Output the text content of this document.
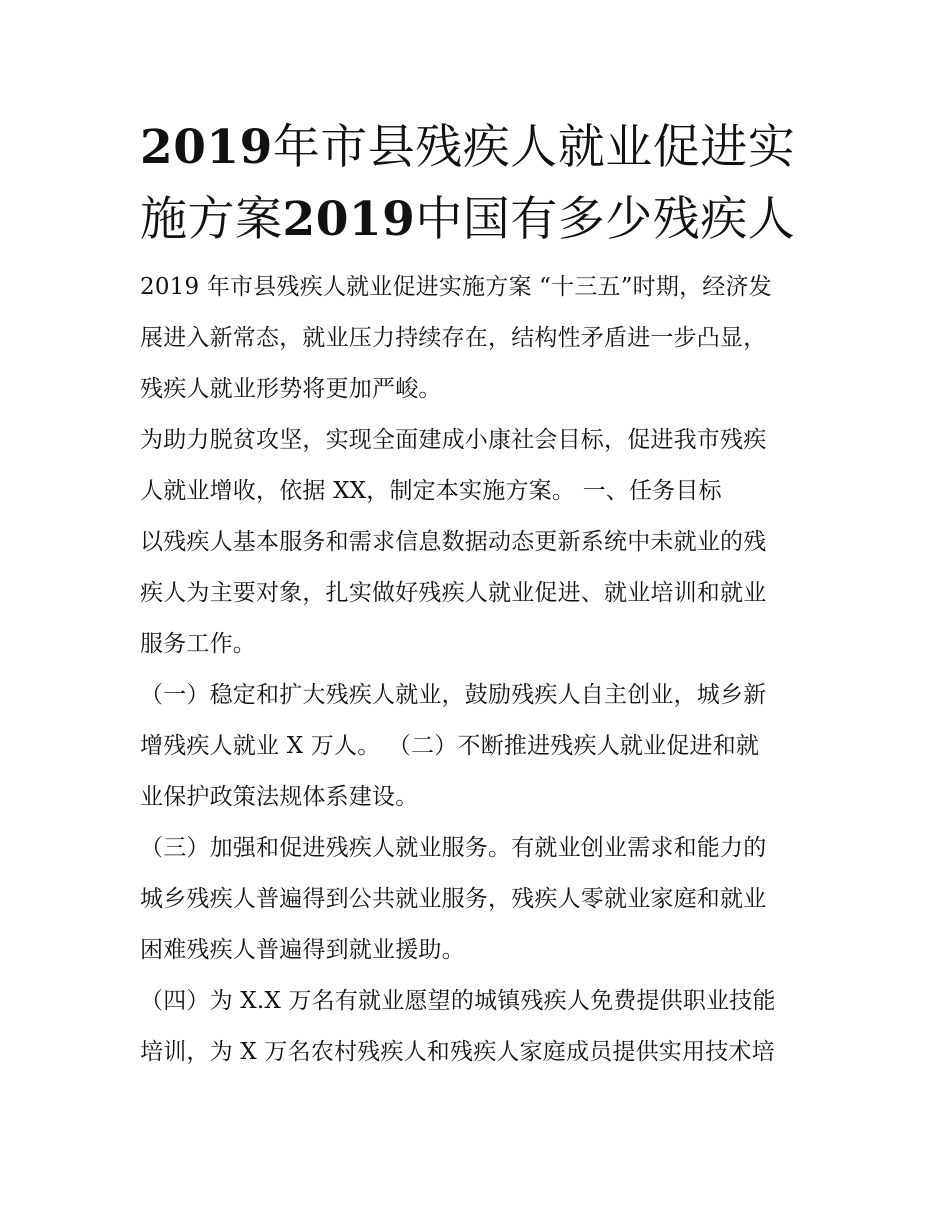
2019年市县残疾人就业促进实
施方案2019中国有多少残疾人
2019 年市县残疾人就业促进实施方案 “十三五”时期，经济发
展进入新常态，就业压力持续存在，结构性矛盾进一步凸显，
残疾人就业形势将更加严峻。
为助力脱贫攻坚，实现全面建成小康社会目标，促进我市残疾
人就业增收，依据 XX，制定本实施方案。 一、任务目标
以残疾人基本服务和需求信息数据动态更新系统中未就业的残
疾人为主要对象，扎实做好残疾人就业促进、就业培训和就业
服务工作。
（一）稳定和扩大残疾人就业，鼓励残疾人自主创业，城乡新
增残疾人就业 X 万人。 （二）不断推进残疾人就业促进和就
业保护政策法规体系建设。
（三）加强和促进残疾人就业服务。有就业创业需求和能力的
城乡残疾人普遍得到公共就业服务，残疾人零就业家庭和就业
困难残疾人普遍得到就业援助。
（四）为 X.X 万名有就业愿望的城镇残疾人免费提供职业技能
培训，为 X 万名农村残疾人和残疾人家庭成员提供实用技术培
